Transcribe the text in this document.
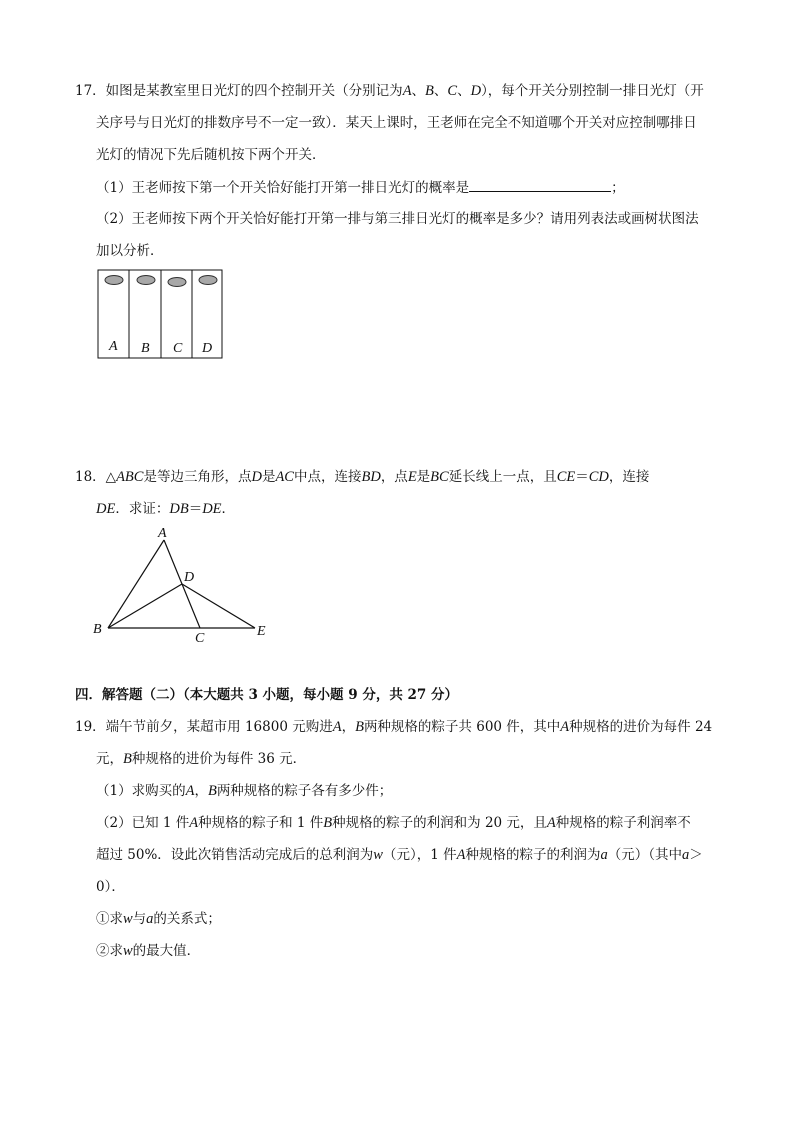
17．如图是某教室里日光灯的四个控制开关（分别记为A、B、C、D），每个开关分别控制一排日光灯（开
关序号与日光灯的排数序号不一定一致）．某天上课时，王老师在完全不知道哪个开关对应控制哪排日
光灯的情况下先后随机按下两个开关．
（1）王老师按下第一个开关恰好能打开第一排日光灯的概率是	；
（2）王老师按下两个开关恰好能打开第一排与第三排日光灯的概率是多少？请用列表法或画树状图法
加以分析．
A B C D
18．△ABC是等边三角形，点D是AC中点，连接BD，点E是BC延长线上一点，且CE＝CD，连接
DE．求证：DB＝DE．
A
B
C
D
E
四．解答题（二）（本大题共 3 小题，每小题 9 分，共 27 分）
19．端午节前夕，某超市用 16800 元购进A，B两种规格的粽子共 600 件，其中A种规格的进价为每件 24
元，B种规格的进价为每件 36 元．
（1）求购买的A，B两种规格的粽子各有多少件；
（2）已知 1 件A种规格的粽子和 1 件B种规格的粽子的利润和为 20 元，且A种规格的粽子利润率不
超过 50%．设此次销售活动完成后的总利润为w（元），1 件A种规格的粽子的利润为a（元）（其中a＞
0）．
①求w与a的关系式；
②求w的最大值．
